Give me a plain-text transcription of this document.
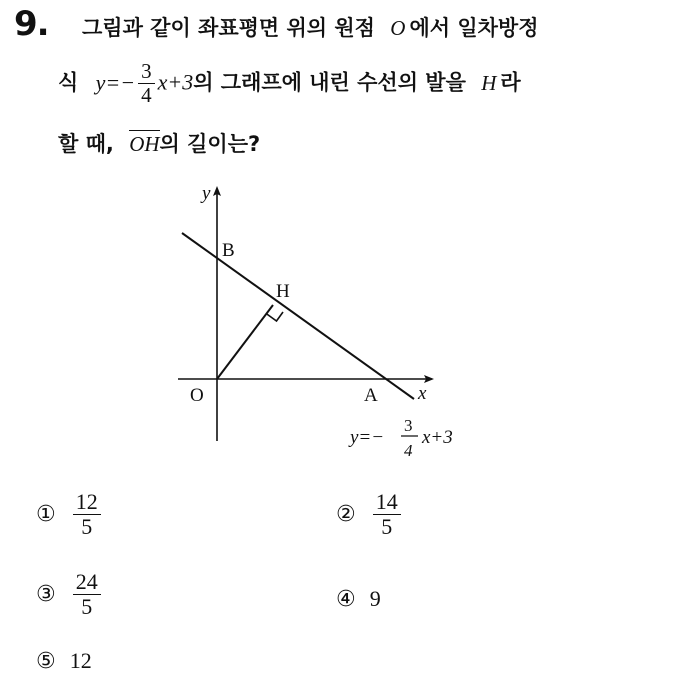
9. 그림과 같이 좌표평면 위의 원점 O 에서 일차방정
식 $y=- \frac{3}{4} x+3$의 그래프에 내린 수선의 발을 H 라
할 때, OH의 길이는?
y
x
O
B
H
A
y=−
3
4
x+3
① $\frac{12}{5}$	② $\frac{14}{5}$
③ $\frac{24}{5}$	④ 9
⑤ 12
